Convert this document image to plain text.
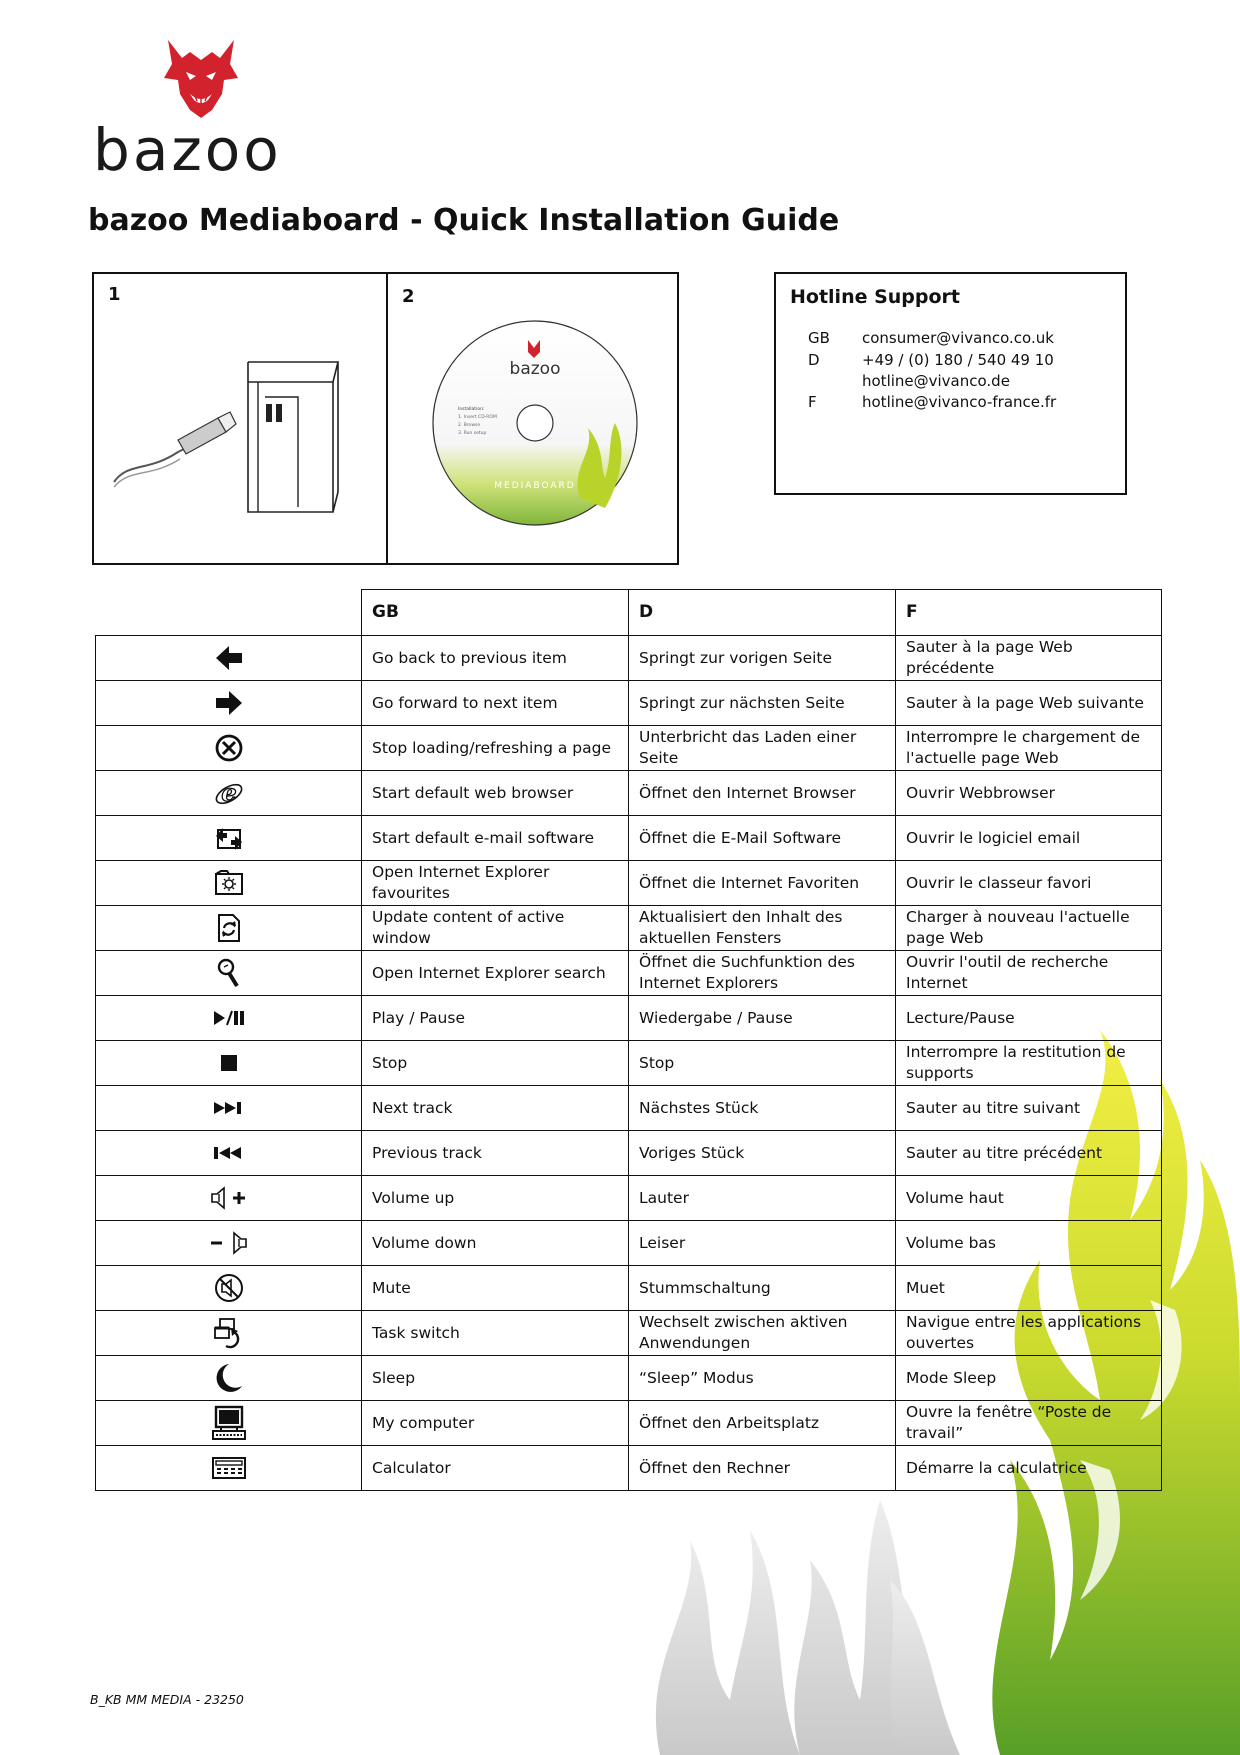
bazoo
bazoo Mediaboard - Quick Installation Guide
1	2
bazoo
MEDIABOARD
Installation:
1. Insert CD-ROM
2. Browse
3. Run setup
Hotline Support
GB consumer@vivanco.co.uk
D	+49 / (0) 180 / 540 49 10
hotline@vivanco.de
F	hotline@vivanco-france.fr
	GB	D	F
	Go back to previous item	Springt zur vorigen Seite	Sauter à la page Web précédente
	Go forward to next item	Springt zur nächsten Seite	Sauter à la page Web suivante
	Stop loading/refreshing a page	Unterbricht das Laden einer Seite	Interrompre le chargement de l'actuelle page Web

e	Start default web browser	Öffnet den Internet Browser	Ouvrir Webbrowser
	Start default e-mail software	Öffnet die E-Mail Software	Ouvrir le logiciel email
	Open Internet Explorer favourites	Öffnet die Internet Favoriten	Ouvrir le classeur favori
	Update content of active window	Aktualisiert den Inhalt des aktuellen Fensters	Charger à nouveau l'actuelle page Web
	Open Internet Explorer search	Öffnet die Suchfunktion des Internet Explorers	Ouvrir l'outil de recherche Internet
	Play / Pause	Wiedergabe / Pause	Lecture/Pause
	Stop	Stop	Interrompre la restitution de supports
	Next track	Nächstes Stück	Sauter au titre suivant
	Previous track	Voriges Stück	Sauter au titre précédent
	Volume up	Lauter	Volume haut
	Volume down	Leiser	Volume bas
	Mute	Stummschaltung	Muet
	Task switch	Wechselt zwischen aktiven Anwendungen	Navigue entre les applications ouvertes
	Sleep	“Sleep” Modus	Mode Sleep
	My computer	Öffnet den Arbeitsplatz	Ouvre la fenêtre “Poste de travail”
	Calculator	Öffnet den Rechner	Démarre la calculatrice
B_KB MM MEDIA - 23250
